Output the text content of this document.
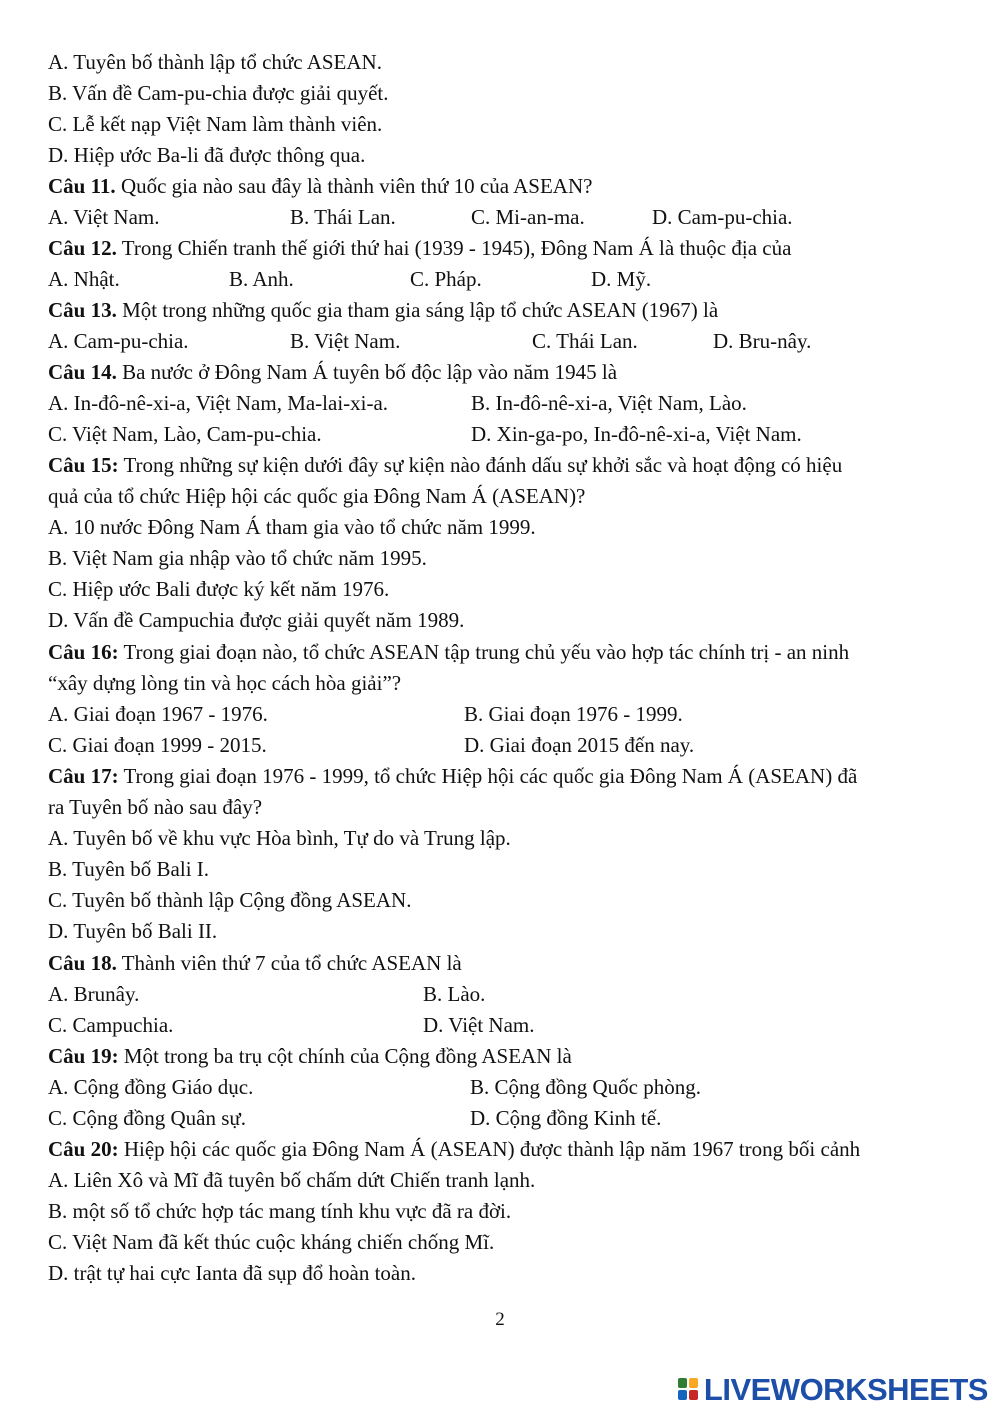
A. Tuyên bố thành lập tổ chức ASEAN.
B. Vấn đề Cam-pu-chia được giải quyết.
C. Lễ kết nạp Việt Nam làm thành viên.
D. Hiệp ước Ba-li đã được thông qua.
Câu 11. Quốc gia nào sau đây là thành viên thứ 10 của ASEAN?
A. Việt Nam.	B. Thái Lan.	C. Mi-an-ma.	D. Cam-pu-chia.
Câu 12. Trong Chiến tranh thế giới thứ hai (1939 - 1945), Đông Nam Á là thuộc địa của
A. Nhật.	B. Anh.	C. Pháp.	D. Mỹ.
Câu 13. Một trong những quốc gia tham gia sáng lập tổ chức ASEAN (1967) là
A. Cam-pu-chia.	B. Việt Nam.	C. Thái Lan.	D. Bru-nây.
Câu 14. Ba nước ở Đông Nam Á tuyên bố độc lập vào năm 1945 là
A. In-đô-nê-xi-a, Việt Nam, Ma-lai-xi-a.	B. In-đô-nê-xi-a, Việt Nam, Lào.
C. Việt Nam, Lào, Cam-pu-chia.	D. Xin-ga-po, In-đô-nê-xi-a, Việt Nam.
Câu 15: Trong những sự kiện dưới đây sự kiện nào đánh dấu sự khởi sắc và hoạt động có hiệu
quả của tổ chức Hiệp hội các quốc gia Đông Nam Á (ASEAN)?
A. 10 nước Đông Nam Á tham gia vào tổ chức năm 1999.
B. Việt Nam gia nhập vào tổ chức năm 1995.
C. Hiệp ước Bali được ký kết năm 1976.
D. Vấn đề Campuchia được giải quyết năm 1989.
Câu 16: Trong giai đoạn nào, tổ chức ASEAN tập trung chủ yếu vào hợp tác chính trị - an ninh
“xây dựng lòng tin và học cách hòa giải”?
A. Giai đoạn 1967 - 1976.	B. Giai đoạn 1976 - 1999.
C. Giai đoạn 1999 - 2015.	D. Giai đoạn 2015 đến nay.
Câu 17: Trong giai đoạn 1976 - 1999, tổ chức Hiệp hội các quốc gia Đông Nam Á (ASEAN) đã
ra Tuyên bố nào sau đây?
A. Tuyên bố về khu vực Hòa bình, Tự do và Trung lập.
B. Tuyên bố Bali I.
C. Tuyên bố thành lập Cộng đồng ASEAN.
D. Tuyên bố Bali II.
Câu 18. Thành viên thứ 7 của tổ chức ASEAN là
A. Brunây.	B. Lào.
C. Campuchia.	D. Việt Nam.
Câu 19: Một trong ba trụ cột chính của Cộng đồng ASEAN là
A. Cộng đồng Giáo dục.	B. Cộng đồng Quốc phòng.
C. Cộng đồng Quân sự.	D. Cộng đồng Kinh tế.
Câu 20: Hiệp hội các quốc gia Đông Nam Á (ASEAN) được thành lập năm 1967 trong bối cảnh
A. Liên Xô và Mĩ đã tuyên bố chấm dứt Chiến tranh lạnh.
B. một số tổ chức hợp tác mang tính khu vực đã ra đời.
C. Việt Nam đã kết thúc cuộc kháng chiến chống Mĩ.
D. trật tự hai cực Ianta đã sụp đổ hoàn toàn.
2
LIVEWORKSHEETS
